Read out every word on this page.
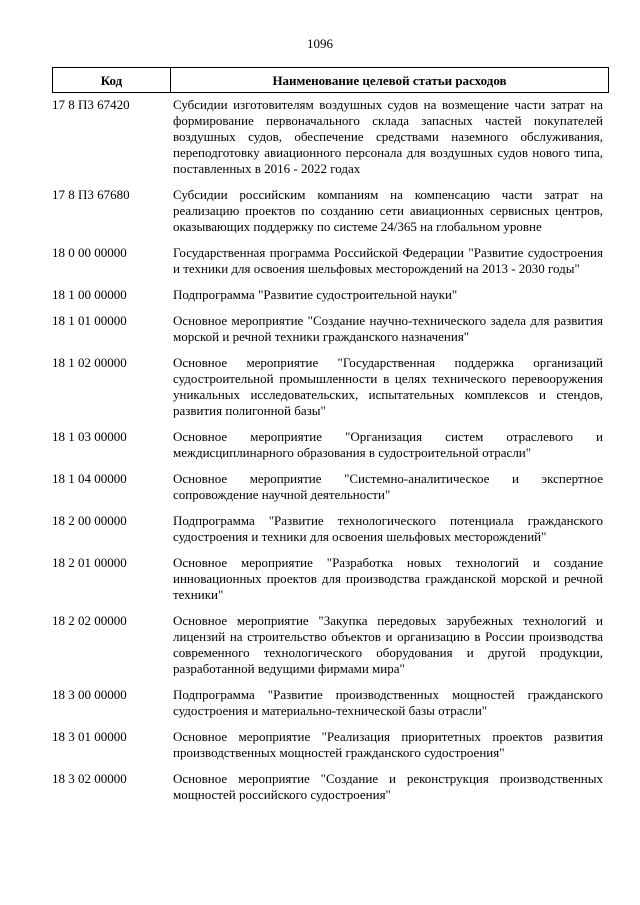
1096
Код	Наименование целевой статьи расходов
17 8 П3 67420	Субсидии изготовителям воздушных судов на возмещение части затрат на формирование первоначального склада запасных частей покупателей воздушных судов, обеспечение средствами наземного обслуживания, переподготовку авиационного персонала для воздушных судов нового типа, поставленных в 2016 - 2022 годах
17 8 П3 67680	Субсидии российским компаниям на компенсацию части затрат на реализацию проектов по созданию сети авиационных сервисных центров, оказывающих поддержку по системе 24/365 на глобальном уровне
18 0 00 00000	Государственная программа Российской Федерации "Развитие судостроения и техники для освоения шельфовых месторождений на 2013 - 2030 годы"
18 1 00 00000	Подпрограмма "Развитие судостроительной науки"
18 1 01 00000	Основное мероприятие "Создание научно-технического задела для развития морской и речной техники гражданского назначения"
18 1 02 00000	Основное мероприятие "Государственная поддержка организаций судостроительной промышленности в целях технического перевооружения уникальных исследовательских, испытательных комплексов и стендов, развития полигонной базы"
18 1 03 00000	Основное мероприятие "Организация систем отраслевого и междисциплинарного образования в судостроительной отрасли"
18 1 04 00000	Основное мероприятие "Системно-аналитическое и экспертное сопровождение научной деятельности"
18 2 00 00000	Подпрограмма "Развитие технологического потенциала гражданского судостроения и техники для освоения шельфовых месторождений"
18 2 01 00000	Основное мероприятие "Разработка новых технологий и создание инновационных проектов для производства гражданской морской и речной техники"
18 2 02 00000	Основное мероприятие "Закупка передовых зарубежных технологий и лицензий на строительство объектов и организацию в России производства современного технологического оборудования и другой продукции, разработанной ведущими фирмами мира"
18 3 00 00000	Подпрограмма "Развитие производственных мощностей гражданского судостроения и материально-технической базы отрасли"
18 3 01 00000	Основное мероприятие "Реализация приоритетных проектов развития производственных мощностей гражданского судостроения"
18 3 02 00000	Основное мероприятие "Создание и реконструкция производственных мощностей российского судостроения"
